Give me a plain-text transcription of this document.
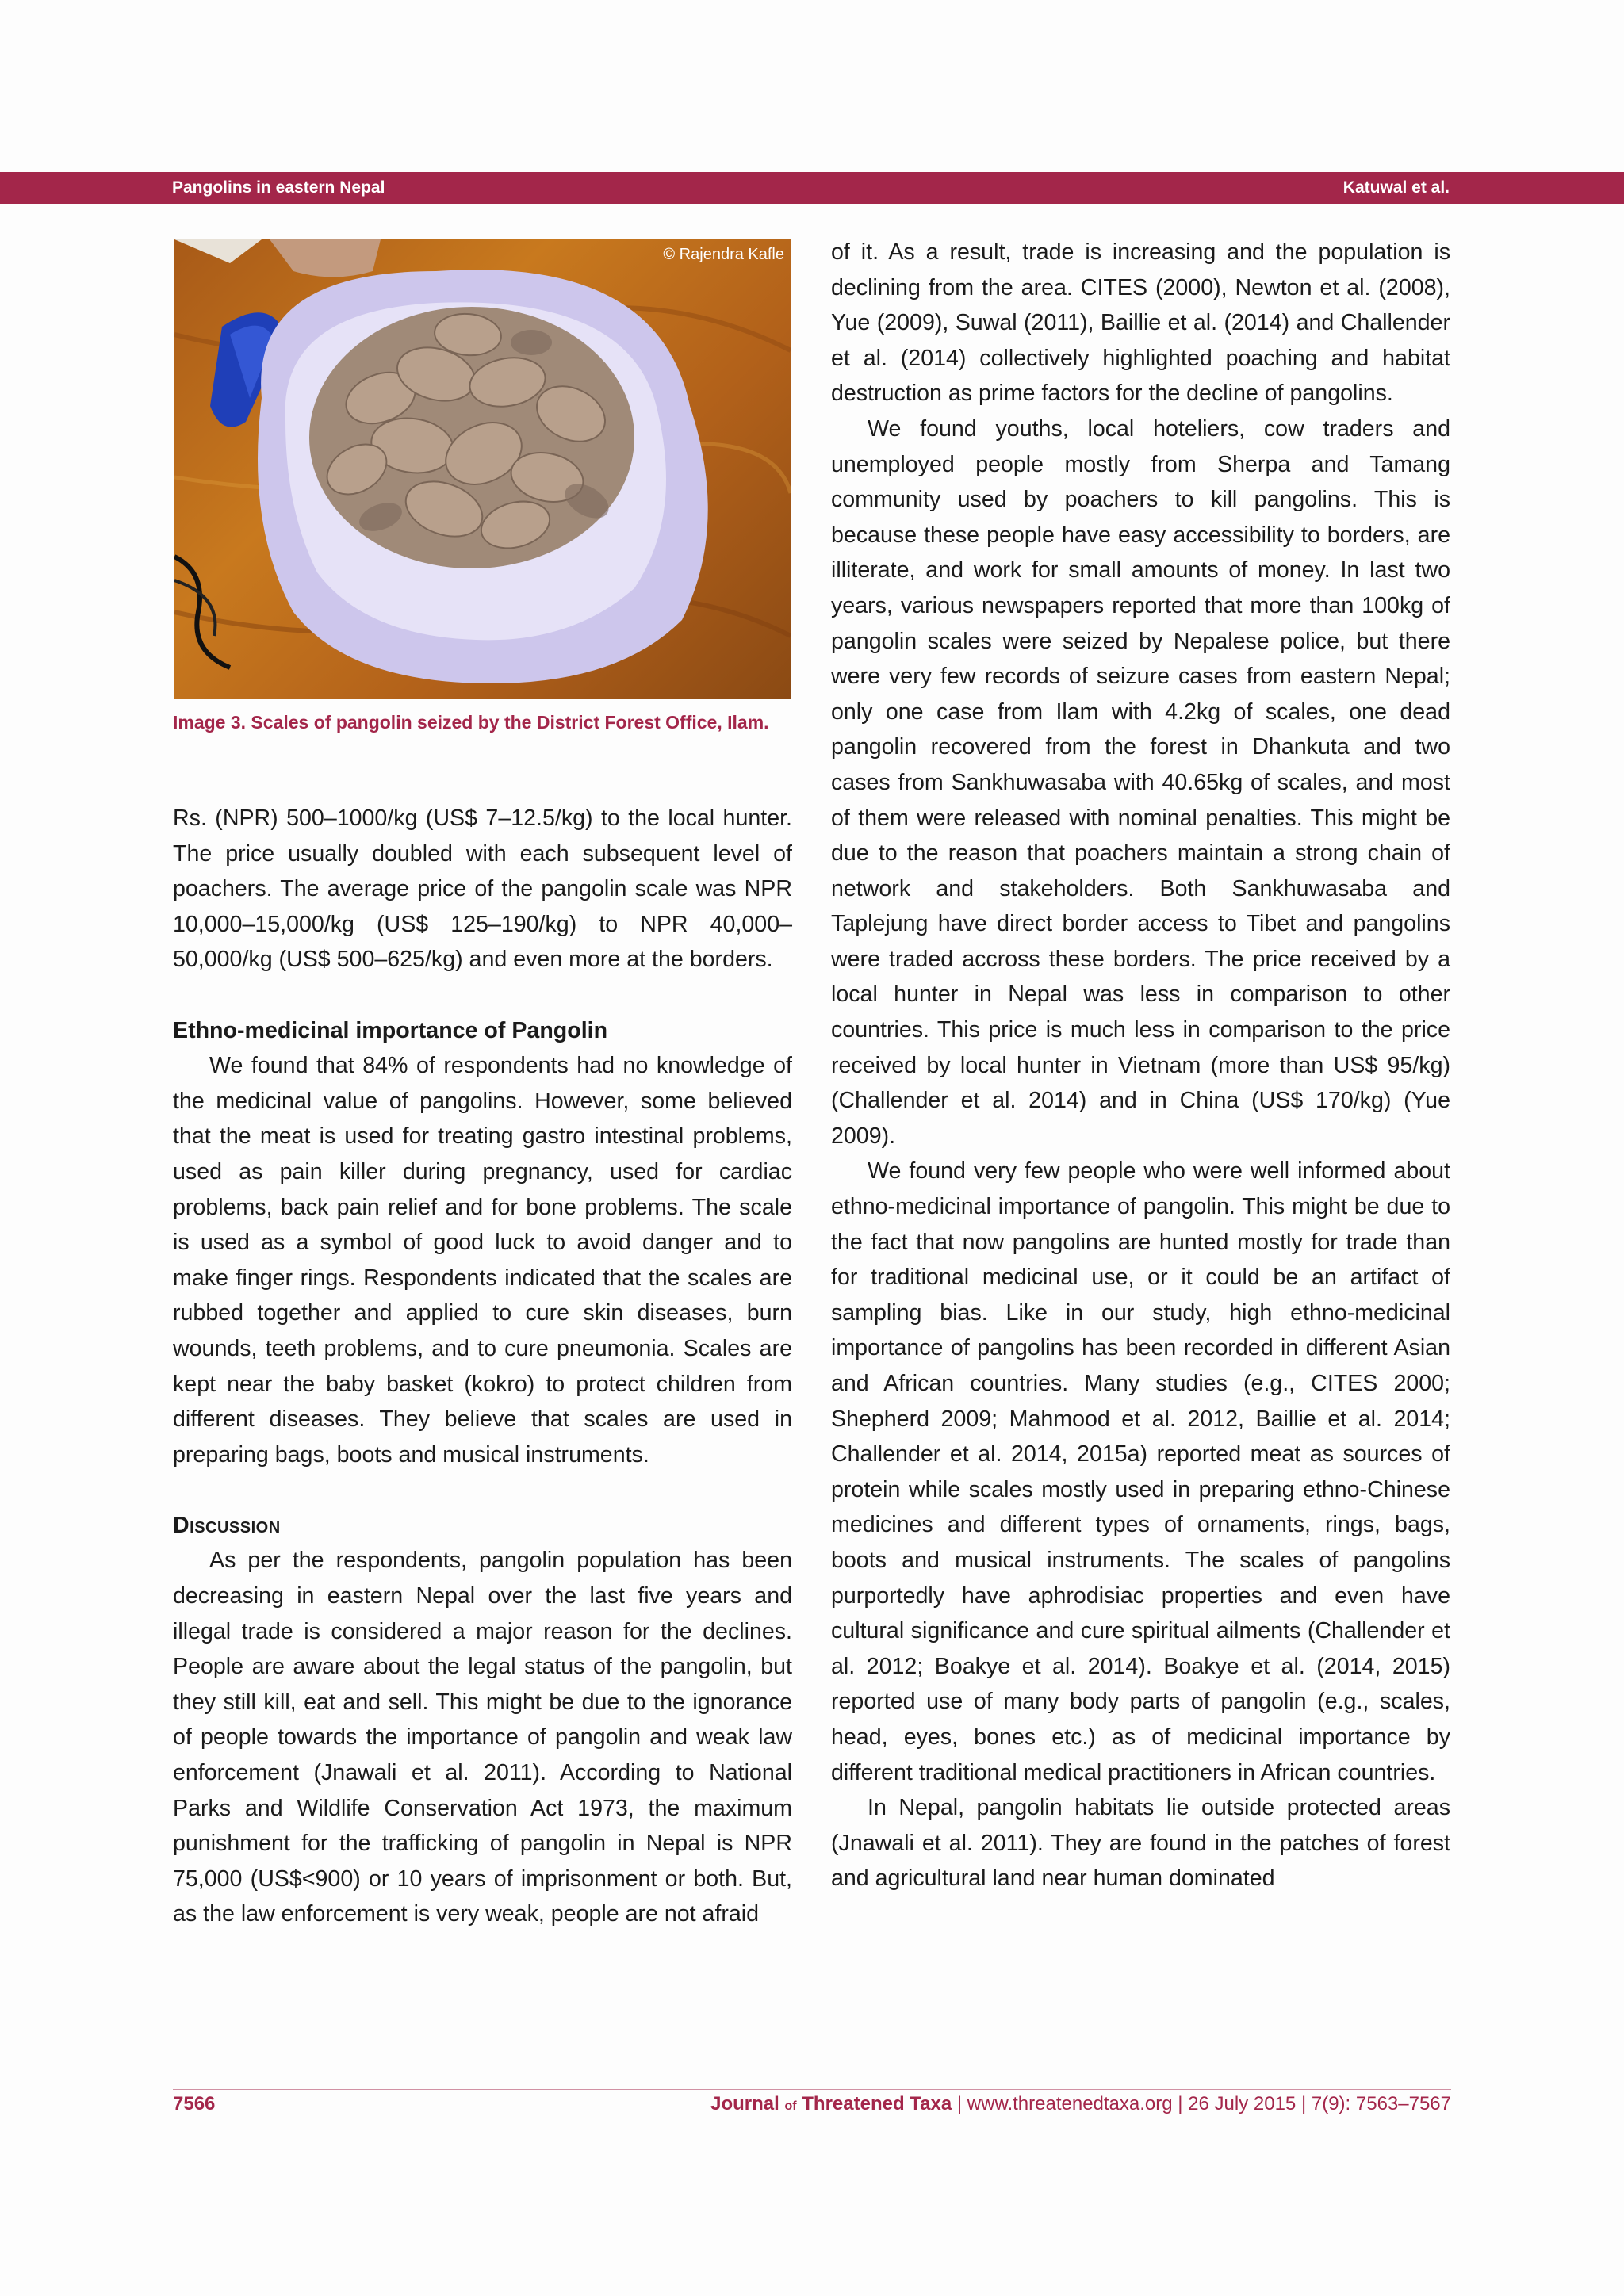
Pangolins in eastern Nepal	Katuwal et al.
© Rajendra Kafle
Image 3. Scales of pangolin seized by the District Forest Office, Ilam.

Rs. (NPR) 500–1000/kg (US$ 7–12.5/kg) to the local hunter. The price usually doubled with each subsequent level of poachers. The average price of the pangolin scale was NPR 10,000–15,000/kg (US$ 125–190/kg) to NPR 40,000–50,000/kg (US$ 500–625/kg) and even more at the borders.

Ethno-medicinal importance of Pangolin

We found that 84% of respondents had no knowledge of the medicinal value of pangolins. However, some believed that the meat is used for treating gastro intestinal problems, used as pain killer during pregnancy, used for cardiac problems, back pain relief and for bone problems. The scale is used as a symbol of good luck to avoid danger and to make finger rings. Respondents indicated that the scales are rubbed together and applied to cure skin diseases, burn wounds, teeth problems, and to cure pneumonia. Scales are kept near the baby basket (kokro) to protect children from different diseases. They believe that scales are used in preparing bags, boots and musical instruments.

Discussion

As per the respondents, pangolin population has been decreasing in eastern Nepal over the last five years and illegal trade is considered a major reason for the declines. People are aware about the legal status of the pangolin, but they still kill, eat and sell. This might be due to the ignorance of people towards the importance of pangolin and weak law enforcement (Jnawali et al. 2011). According to National Parks and Wildlife Conservation Act 1973, the maximum punishment for the trafficking of pangolin in Nepal is NPR 75,000 (US$<900) or 10 years of imprisonment or both. But, as the law enforcement is very weak, people are not afraid

of it. As a result, trade is increasing and the population is declining from the area. CITES (2000), Newton et al. (2008), Yue (2009), Suwal (2011), Baillie et al. (2014) and Challender et al. (2014) collectively highlighted poaching and habitat destruction as prime factors for the decline of pangolins.

We found youths, local hoteliers, cow traders and unemployed people mostly from Sherpa and Tamang community used by poachers to kill pangolins. This is because these people have easy accessibility to borders, are illiterate, and work for small amounts of money. In last two years, various newspapers reported that more than 100kg of pangolin scales were seized by Nepalese police, but there were very few records of seizure cases from eastern Nepal; only one case from Ilam with 4.2kg of scales, one dead pangolin recovered from the forest in Dhankuta and two cases from Sankhuwasaba with 40.65kg of scales, and most of them were released with nominal penalties. This might be due to the reason that poachers maintain a strong chain of network and stakeholders. Both Sankhuwasaba and Taplejung have direct border access to Tibet and pangolins were traded accross these borders. The price received by a local hunter in Nepal was less in comparison to other countries. This price is much less in comparison to the price received by local hunter in Vietnam (more than US$ 95/kg) (Challender et al. 2014) and in China (US$ 170/kg) (Yue 2009).

We found very few people who were well informed about ethno-medicinal importance of pangolin. This might be due to the fact that now pangolins are hunted mostly for trade than for traditional medicinal use, or it could be an artifact of sampling bias. Like in our study, high ethno-medicinal importance of pangolins has been recorded in different Asian and African countries. Many studies (e.g., CITES 2000; Shepherd 2009; Mahmood et al. 2012, Baillie et al. 2014; Challender et al. 2014, 2015a) reported meat as sources of protein while scales mostly used in preparing ethno-Chinese medicines and different types of ornaments, rings, bags, boots and musical instruments. The scales of pangolins purportedly have aphrodisiac properties and even have cultural significance and cure spiritual ailments (Challender et al. 2012; Boakye et al. 2014). Boakye et al. (2014, 2015) reported use of many body parts of pangolin (e.g., scales, head, eyes, bones etc.) as of medicinal importance by different traditional medical practitioners in African countries.

In Nepal, pangolin habitats lie outside protected areas (Jnawali et al. 2011). They are found in the patches of forest and agricultural land near human dominated

7566	Journal of Threatened Taxa | www.threatenedtaxa.org | 26 July 2015 | 7(9): 7563–7567
